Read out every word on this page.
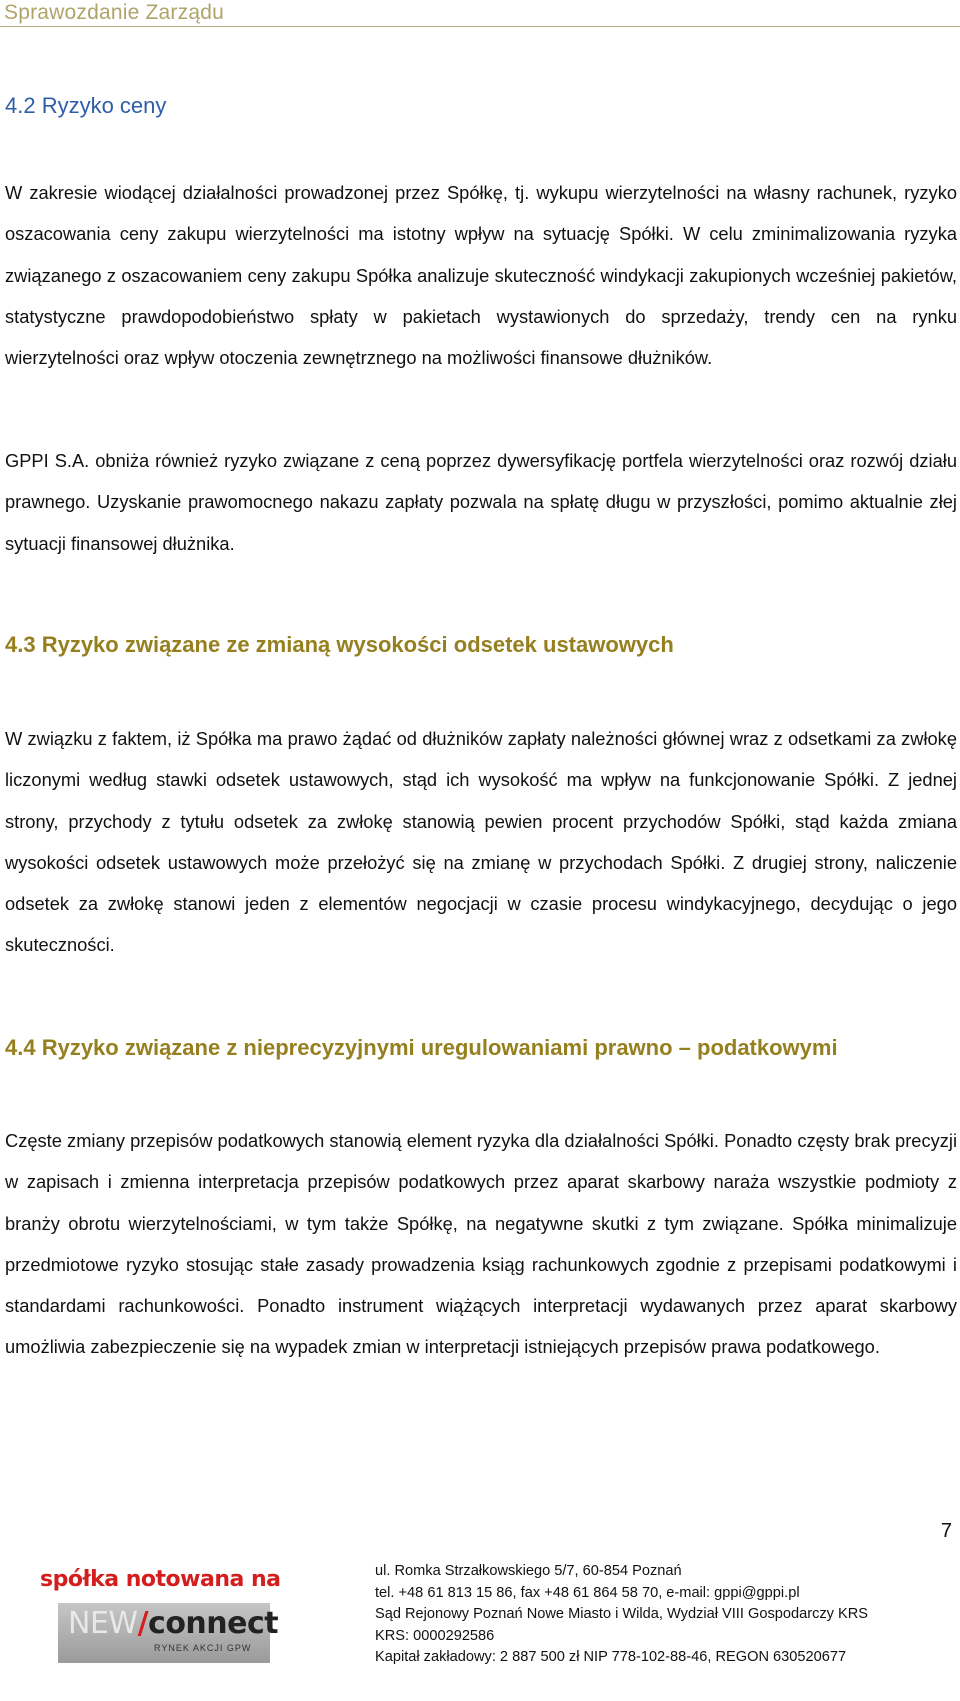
Sprawozdanie Zarządu
4.2 Ryzyko ceny

W zakresie wiodącej działalności prowadzonej przez Spółkę, tj. wykupu wierzytelności na własny rachunek, ryzyko oszacowania ceny zakupu wierzytelności ma istotny wpływ na sytuację Spółki. W celu zminimalizowania ryzyka związanego z oszacowaniem ceny zakupu Spółka analizuje skuteczność windykacji zakupionych wcześniej pakietów, statystyczne prawdopodobieństwo spłaty w pakietach wystawionych do sprzedaży, trendy cen na rynku wierzytelności oraz wpływ otoczenia zewnętrznego na możliwości finansowe dłużników.

GPPI S.A. obniża również ryzyko związane z ceną poprzez dywersyfikację portfela wierzytelności oraz rozwój działu prawnego. Uzyskanie prawomocnego nakazu zapłaty pozwala na spłatę długu w przyszłości, pomimo aktualnie złej sytuacji finansowej dłużnika.

4.3 Ryzyko związane ze zmianą wysokości odsetek ustawowych

W związku z faktem, iż Spółka ma prawo żądać od dłużników zapłaty należności głównej wraz z odsetkami za zwłokę liczonymi według stawki odsetek ustawowych, stąd ich wysokość ma wpływ na funkcjonowanie Spółki. Z jednej strony, przychody z tytułu odsetek za zwłokę stanowią pewien procent przychodów Spółki, stąd każda zmiana wysokości odsetek ustawowych może przełożyć się na zmianę w przychodach Spółki. Z drugiej strony, naliczenie odsetek za zwłokę stanowi jeden z elementów negocjacji w czasie procesu windykacyjnego, decydując o jego skuteczności.

4.4 Ryzyko związane z nieprecyzyjnymi uregulowaniami prawno – podatkowymi

Częste zmiany przepisów podatkowych stanowią element ryzyka dla działalności Spółki. Ponadto częsty brak precyzji w zapisach i zmienna interpretacja przepisów podatkowych przez aparat skarbowy naraża wszystkie podmioty z branży obrotu wierzytelnościami, w tym także Spółkę, na negatywne skutki z tym związane. Spółka minimalizuje przedmiotowe ryzyko stosując stałe zasady prowadzenia ksiąg rachunkowych zgodnie z przepisami podatkowymi i standardami rachunkowości. Ponadto instrument wiążących interpretacji wydawanych przez aparat skarbowy umożliwia zabezpieczenie się na wypadek zmian w interpretacji istniejących przepisów prawa podatkowego.

7
spółka notowana na
NEW/connect
RYNEK AKCJI GPW
ul. Romka Strzałkowskiego 5/7, 60-854 Poznań
tel. +48 61 813 15 86, fax +48 61 864 58 70, e-mail: gppi@gppi.pl
Sąd Rejonowy Poznań Nowe Miasto i Wilda, Wydział VIII Gospodarczy KRS
KRS: 0000292586
Kapitał zakładowy: 2 887 500 zł NIP 778-102-88-46, REGON 630520677
